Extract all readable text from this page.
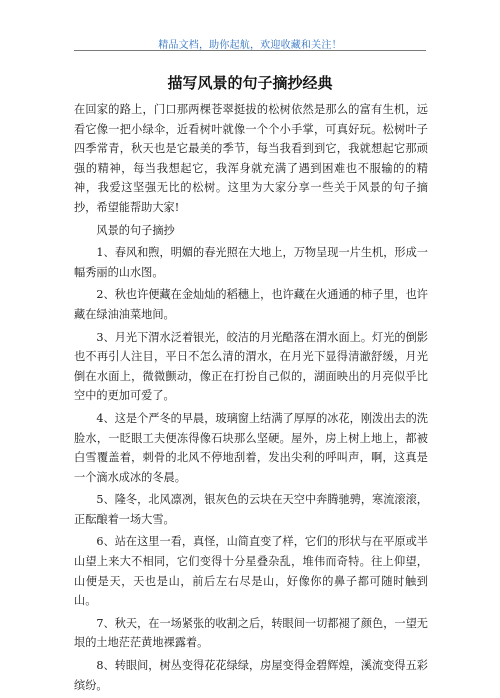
精品文档，助你起航，欢迎收藏和关注！
描写风景的句子摘抄经典

在回家的路上，门口那两棵苍翠挺拔的松树依然是那么的富有生机，远看它像一把小绿伞，近看树叶就像一个个小手掌，可真好玩。松树叶子四季常青，秋天也是它最美的季节，每当我看到到它，我就想起它那顽强的精神，每当我想起它，我浑身就充满了遇到困难也不服输的的精神，我爱这坚强无比的松树。这里为大家分享一些关于风景的句子摘抄，希望能帮助大家!

风景的句子摘抄

1、春风和煦，明媚的春光照在大地上，万物呈现一片生机，形成一幅秀丽的山水图。

2、秋也许便藏在金灿灿的稻穗上，也许藏在火通通的柿子里，也许藏在绿油油菜地间。

3、月光下渭水泛着银光，皎洁的月光酷落在渭水面上。灯光的倒影也不再引人注目，平日不怎么清的渭水，在月光下显得清澈舒缓，月光倒在水面上，微微颤动，像正在打扮自己似的，湖面映出的月亮似乎比空中的更加可爱了。

4、这是个严冬的早晨，玻璃窗上结满了厚厚的冰花，刚泼出去的洗脸水，一眨眼工夫便冻得像石块那么坚硬。屋外，房上树上地上，都被白雪覆盖着，刺骨的北风不停地刮着，发出尖利的呼叫声，啊，这真是一个滴水成冰的冬晨。

5、隆冬，北风凛冽，银灰色的云块在天空中奔腾驰骋，寒流滚滚，正酝酿着一场大雪。

6、站在这里一看，真怪，山简直变了样，它们的形状与在平原或半山望上来大不相同，它们变得十分星叠杂乱，堆伟而奇特。往上仰望，山便是天，天也是山，前后左右尽是山，好像你的鼻子都可随时触到山。

7、秋天，在一场紧张的收割之后，转眼间一切都褪了颜色，一望无垠的土地茫茫黄地裸露着。

8、转眼间，树丛变得花花绿绿，房屋变得金碧辉煌，溪流变得五彩缤纷。
